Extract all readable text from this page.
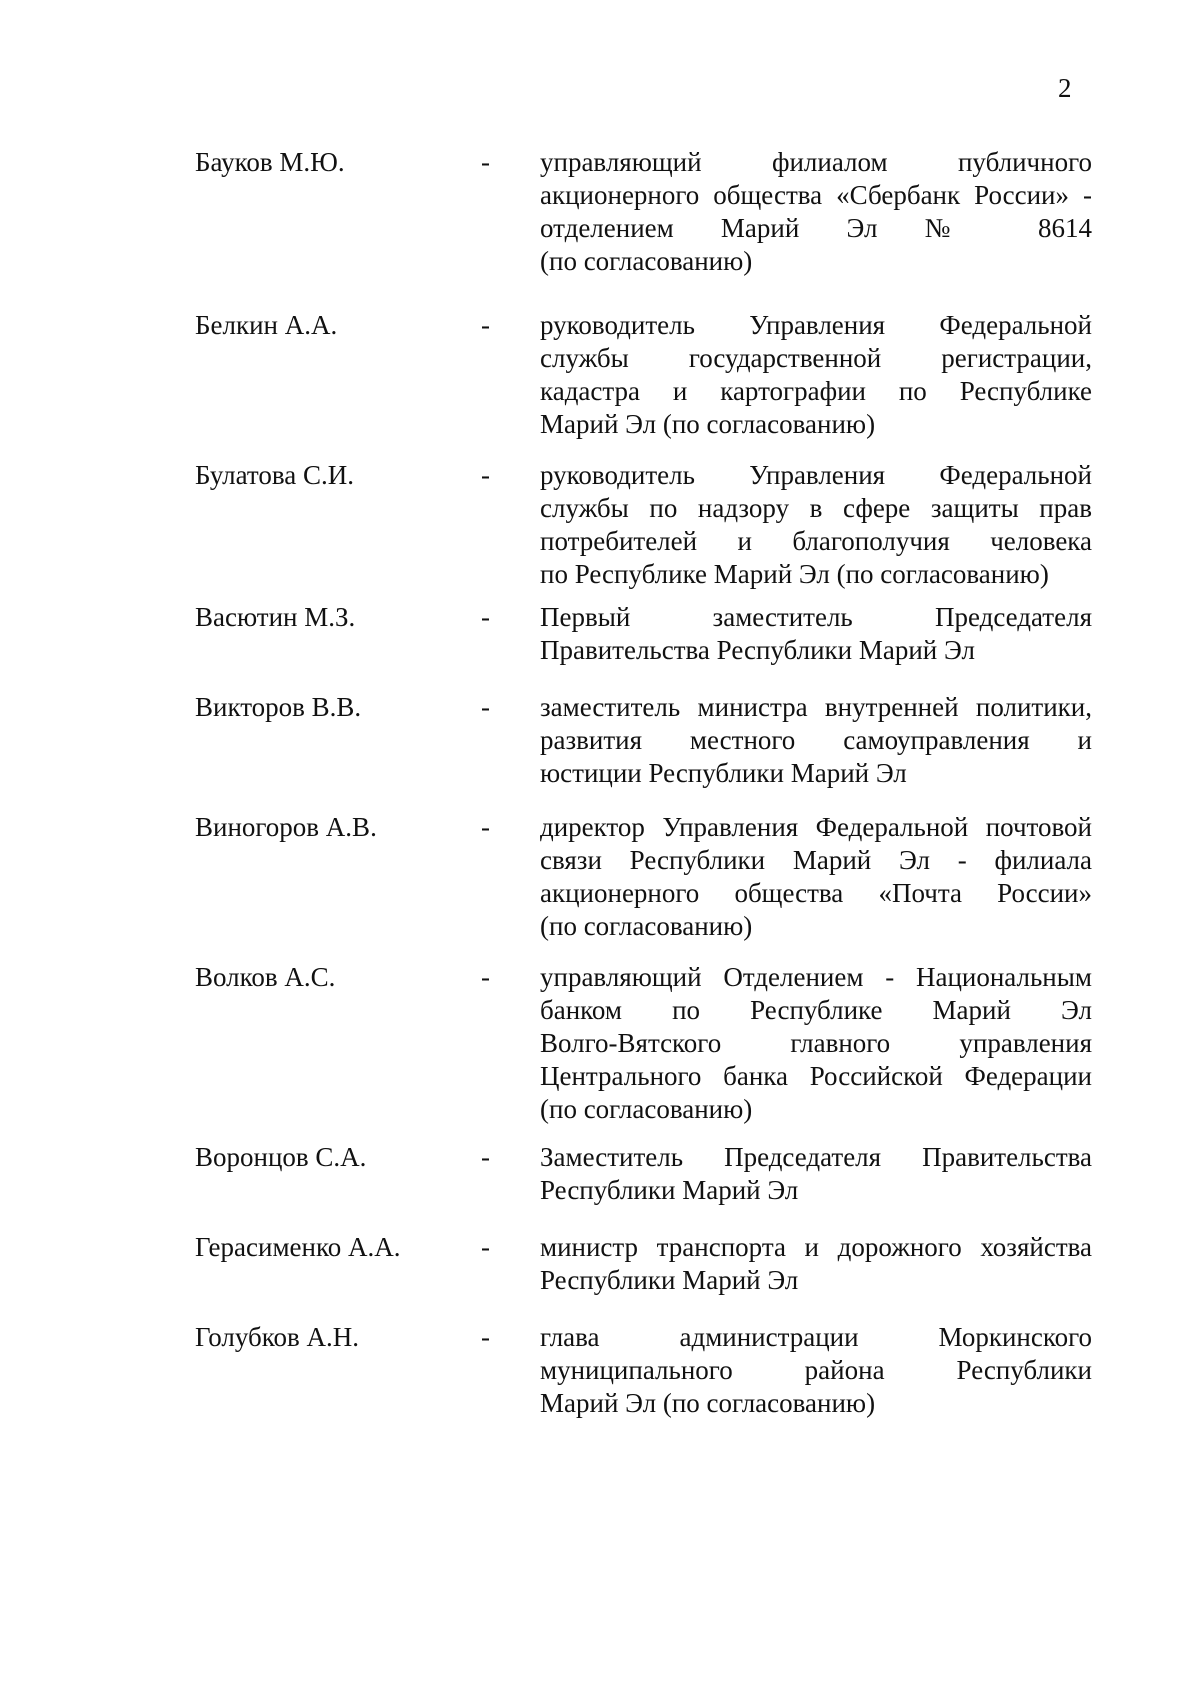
2
Бауков М.Ю.	- управляющий филиалом публичного
акционерного общества «Сбербанк России» -
отделением Марий Эл № 8614
(по согласованию)
Белкин А.А.	- руководитель Управления Федеральной
службы государственной регистрации,
кадастра и картографии по Республике
Марий Эл (по согласованию)
Булатова С.И.	- руководитель Управления Федеральной
службы по надзору в сфере защиты прав
потребителей и благополучия человека
по Республике Марий Эл (по согласованию)
Васютин М.З.	- Первый заместитель Председателя
Правительства Республики Марий Эл
Викторов В.В.	- заместитель министра внутренней политики,
развития местного самоуправления и
юстиции Республики Марий Эл
Виногоров А.В.	- директор Управления Федеральной почтовой
связи Республики Марий Эл - филиала
акционерного общества «Почта России»
(по согласованию)
Волков А.С.	- управляющий Отделением - Национальным
банком по Республике Марий Эл
Волго-Вятского главного управления
Центрального банка Российской Федерации
(по согласованию)
Воронцов С.А.	- Заместитель Председателя Правительства
Республики Марий Эл
Герасименко А.А.	- министр транспорта и дорожного хозяйства
Республики Марий Эл
Голубков А.Н.	- глава администрации Моркинского
муниципального района Республики
Марий Эл (по согласованию)
